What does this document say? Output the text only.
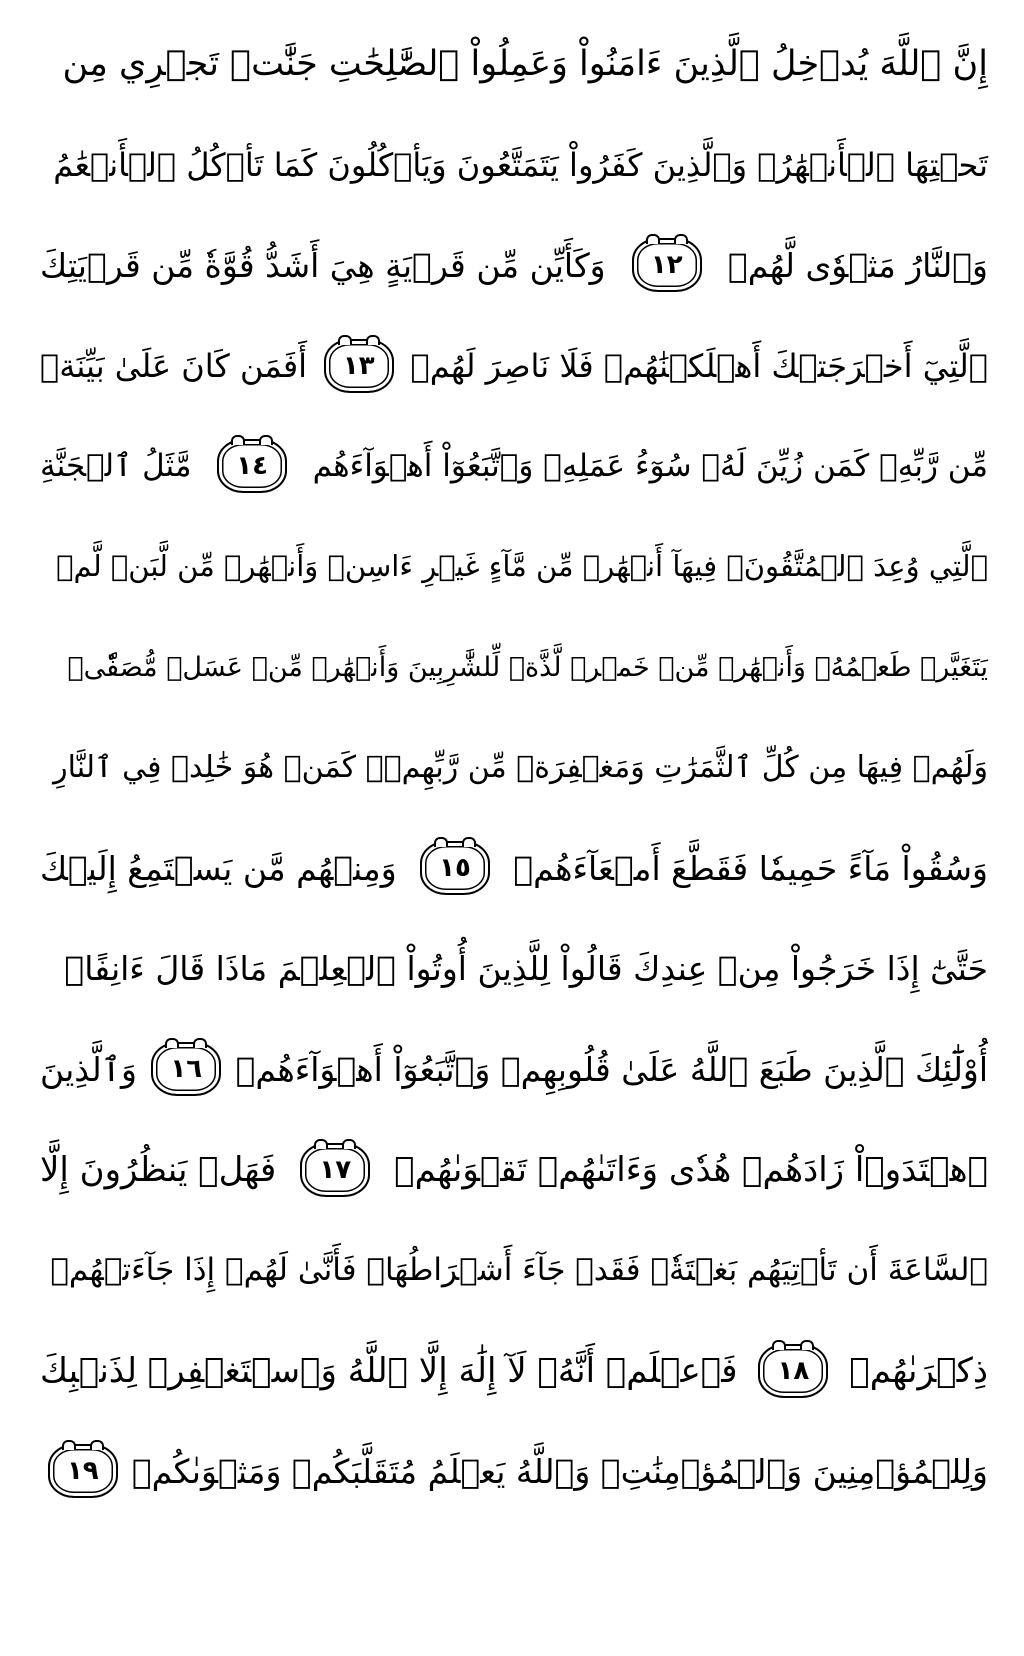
إِنَّ ٱللَّهَ يُدۡخِلُ ٱلَّذِينَ ءَامَنُواْ وَعَمِلُواْ ٱلصَّٰلِحَٰتِ جَنَّٰتٖ تَجۡرِي مِن
تَحۡتِهَا ٱلۡأَنۡهَٰرُۖ وَٱلَّذِينَ كَفَرُواْ يَتَمَتَّعُونَ وَيَأۡكُلُونَ كَمَا تَأۡكُلُ ٱلۡأَنۡعَٰمُ
وَٱلنَّارُ مَثۡوٗى لَّهُمۡ
١٢
وَكَأَيِّن مِّن قَرۡيَةٍ هِيَ أَشَدُّ قُوَّةٗ مِّن قَرۡيَتِكَ
ٱلَّتِيٓ أَخۡرَجَتۡكَ أَهۡلَكۡنَٰهُمۡ فَلَا نَاصِرَ لَهُمۡ
١٣
أَفَمَن كَانَ عَلَىٰ بَيِّنَةٖ
مِّن رَّبِّهِۦ كَمَن زُيِّنَ لَهُۥ سُوٓءُ عَمَلِهِۦ وَٱتَّبَعُوٓاْ أَهۡوَآءَهُم
١٤
مَّثَلُ ٱلۡجَنَّةِ
ٱلَّتِي وُعِدَ ٱلۡمُتَّقُونَۖ فِيهَآ أَنۡهَٰرٞ مِّن مَّآءٍ غَيۡرِ ءَاسِنٖ وَأَنۡهَٰرٞ مِّن لَّبَنٖ لَّمۡ
يَتَغَيَّرۡ طَعۡمُهُۥ وَأَنۡهَٰرٞ مِّنۡ خَمۡرٖ لَّذَّةٖ لِّلشَّٰرِبِينَ وَأَنۡهَٰرٞ مِّنۡ عَسَلٖ مُّصَفّٗىۖ
وَلَهُمۡ فِيهَا مِن كُلِّ ٱلثَّمَرَٰتِ وَمَغۡفِرَةٞ مِّن رَّبِّهِمۡۖ كَمَنۡ هُوَ خَٰلِدٞ فِي ٱلنَّارِ
وَسُقُواْ مَآءً حَمِيمٗا فَقَطَّعَ أَمۡعَآءَهُمۡ
١٥
وَمِنۡهُم مَّن يَسۡتَمِعُ إِلَيۡكَ
حَتَّىٰٓ إِذَا خَرَجُواْ مِنۡ عِندِكَ قَالُواْ لِلَّذِينَ أُوتُواْ ٱلۡعِلۡمَ مَاذَا قَالَ ءَانِفًاۚ
أُوْلَٰٓئِكَ ٱلَّذِينَ طَبَعَ ٱللَّهُ عَلَىٰ قُلُوبِهِمۡ وَٱتَّبَعُوٓاْ أَهۡوَآءَهُمۡ
١٦
وَٱلَّذِينَ
ٱهۡتَدَوۡاْ زَادَهُمۡ هُدٗى وَءَاتَىٰهُمۡ تَقۡوَىٰهُمۡ
١٧
فَهَلۡ يَنظُرُونَ إِلَّا
ٱلسَّاعَةَ أَن تَأۡتِيَهُم بَغۡتَةٗۖ فَقَدۡ جَآءَ أَشۡرَاطُهَاۚ فَأَنَّىٰ لَهُمۡ إِذَا جَآءَتۡهُمۡ
ذِكۡرَىٰهُمۡ
١٨
فَٱعۡلَمۡ أَنَّهُۥ لَآ إِلَٰهَ إِلَّا ٱللَّهُ وَٱسۡتَغۡفِرۡ لِذَنۢبِكَ
وَلِلۡمُؤۡمِنِينَ وَٱلۡمُؤۡمِنَٰتِۗ وَٱللَّهُ يَعۡلَمُ مُتَقَلَّبَكُمۡ وَمَثۡوَىٰكُمۡ
١٩
